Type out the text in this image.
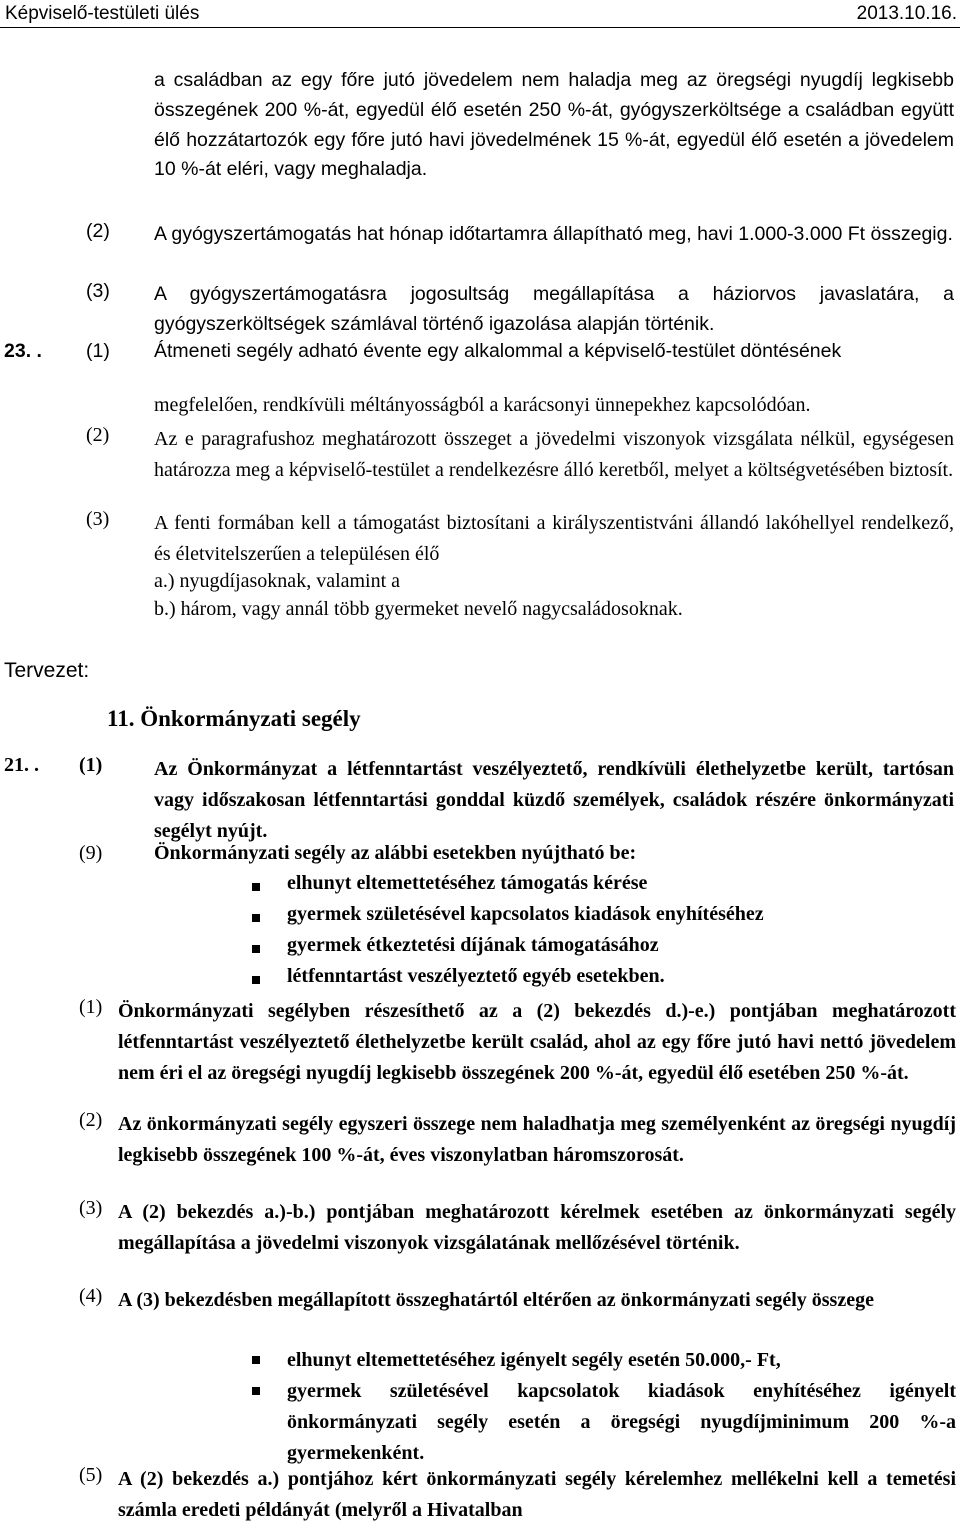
Képviselő-testületi ülés	2013.10.16.
a családban az egy főre jutó jövedelem nem haladja meg az öregségi nyugdíj legkisebb összegének 200 %-át, egyedül élő esetén 250 %-át, gyógyszerköltsége a családban együtt élő hozzátartozók egy főre jutó havi jövedelmének 15 %-át, egyedül élő esetén a jövedelem 10 %-át eléri, vagy meghaladja.
(2) A gyógyszertámogatás hat hónap időtartamra állapítható meg, havi 1.000-3.000 Ft összegig.
(3) A gyógyszertámogatásra jogosultság megállapítása a háziorvos javaslatára, a gyógyszerköltségek számlával történő igazolása alapján történik.
23. . (1) Átmeneti segély adható évente egy alkalommal a képviselő-testület döntésének
megfelelően, rendkívüli méltányosságból a karácsonyi ünnepekhez kapcsolódóan.
(2) Az e paragrafushoz meghatározott összeget a jövedelmi viszonyok vizsgálata nélkül, egységesen határozza meg a képviselő-testület a rendelkezésre álló keretből, melyet a költségvetésében biztosít.
(3) A fenti formában kell a támogatást biztosítani a királyszentistváni állandó lakóhellyel rendelkező, és életvitelszerűen a településen élő
a.) nyugdíjasoknak, valamint a
b.) három, vagy annál több gyermeket nevelő nagycsaládosoknak.
Tervezet:
11. Önkormányzati segély
21. . (1)	Az Önkormányzat a létfenntartást veszélyeztető, rendkívüli élethelyzetbe került, tartósan vagy időszakosan létfenntartási gonddal küzdő személyek, családok részére önkormányzati segélyt nyújt.
(9)	Önkormányzati segély az alábbi esetekben nyújtható be:
elhunyt eltemettetéséhez támogatás kérése
gyermek születésével kapcsolatos kiadások enyhítéséhez
gyermek étkeztetési díjának támogatásához
létfenntartást veszélyeztető egyéb esetekben.
(1) Önkormányzati segélyben részesíthető az a (2) bekezdés d.)-e.) pontjában meghatározott létfenntartást veszélyeztető élethelyzetbe került család, ahol az egy főre jutó havi nettó jövedelem nem éri el az öregségi nyugdíj legkisebb összegének 200 %-át, egyedül élő esetében 250 %-át.
(2) Az önkormányzati segély egyszeri összege nem haladhatja meg személyenként az öregségi nyugdíj legkisebb összegének 100 %-át, éves viszonylatban háromszorosát.
(3) A (2) bekezdés a.)-b.) pontjában meghatározott kérelmek esetében az önkormányzati segély megállapítása a jövedelmi viszonyok vizsgálatának mellőzésével történik.
(4) A (3) bekezdésben megállapított összeghatártól eltérően az önkormányzati segély összege
elhunyt eltemettetéséhez igényelt segély esetén 50.000,- Ft,
gyermek születésével kapcsolatok kiadások enyhítéséhez igényelt önkormányzati segély esetén a öregségi nyugdíjminimum 200 %-a gyermekenként.
(5) A (2) bekezdés a.) pontjához kért önkormányzati segély kérelemhez mellékelni kell a temetési számla eredeti példányát (melyről a Hivatalban
